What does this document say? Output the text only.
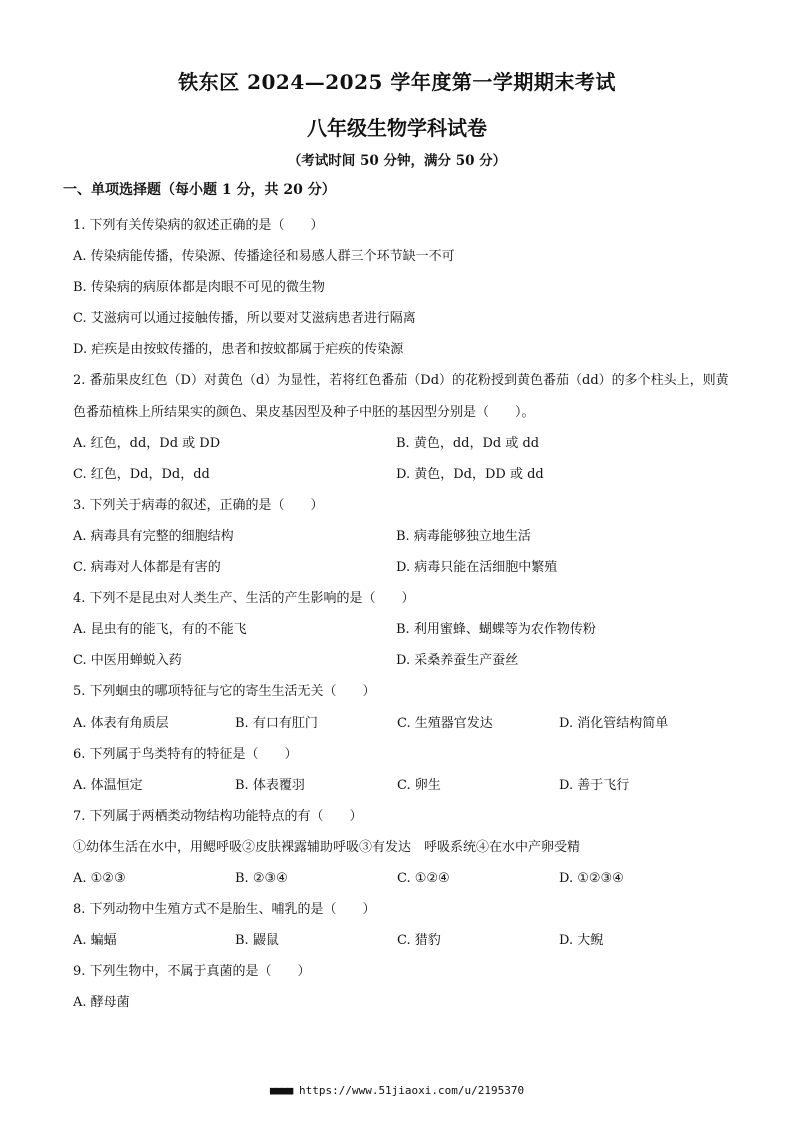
铁东区 2024—2025 学年度第一学期期末考试
八年级生物学科试卷
（考试时间 50 分钟，满分 50 分）
一、单项选择题（每小题 1 分，共 20 分）
1. 下列有关传染病的叙述正确的是（　　）
A. 传染病能传播，传染源、传播途径和易感人群三个环节缺一不可
B. 传染病的病原体都是肉眼不可见的微生物
C. 艾滋病可以通过接触传播，所以要对艾滋病患者进行隔离
D. 疟疾是由按蚊传播的，患者和按蚊都属于疟疾的传染源
2. 番茄果皮红色（D）对黄色（d）为显性，若将红色番茄（Dd）的花粉授到黄色番茄（dd）的多个柱头上，则黄色番茄植株上所结果实的颜色、果皮基因型及种子中胚的基因型分别是（　　）。
A. 红色，dd，Dd 或 DD	B. 黄色，dd，Dd 或 dd
C. 红色，Dd，Dd，dd	D. 黄色，Dd，DD 或 dd
3. 下列关于病毒的叙述，正确的是（　　）
A. 病毒具有完整的细胞结构	B. 病毒能够独立地生活
C. 病毒对人体都是有害的	D. 病毒只能在活细胞中繁殖
4. 下列不是昆虫对人类生产、生活的产生影响的是（　　）
A. 昆虫有的能飞，有的不能飞	B. 利用蜜蜂、蝴蝶等为农作物传粉
C. 中医用蝉蜕入药	D. 采桑养蚕生产蚕丝
5. 下列蛔虫的哪项特征与它的寄生生活无关（　　）
A. 体表有角质层	B. 有口有肛门	C. 生殖器官发达	D. 消化管结构简单
6. 下列属于鸟类特有的特征是（　　）
A. 体温恒定	B. 体表覆羽	C. 卵生	D. 善于飞行
7. 下列属于两栖类动物结构功能特点的有（　　）
①幼体生活在水中，用鳃呼吸②皮肤裸露辅助呼吸③有发达　呼吸系统④在水中产卵受精
A. ①②③	B. ②③④	C. ①②④	D. ①②③④
8. 下列动物中生殖方式不是胎生、哺乳的是（　　）
A. 蝙蝠	B. 鼹鼠	C. 猎豹	D. 大鲵
9. 下列生物中，不属于真菌的是（　　）
A. 酵母菌
■■■■ https://www.51jiaoxi.com/u/2195370
